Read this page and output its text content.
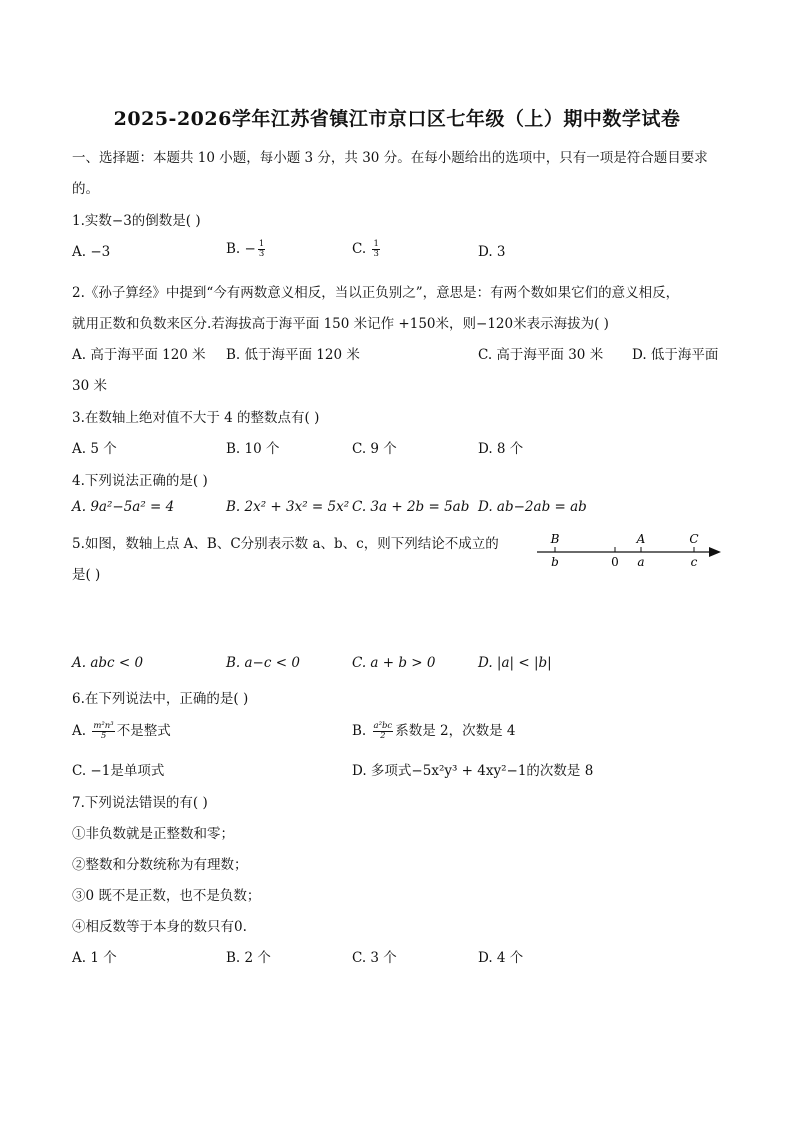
2025-2026学年江苏省镇江市京口区七年级（上）期中数学试卷
一、选择题：本题共 10 小题，每小题 3 分，共 30 分。在每小题给出的选项中，只有一项是符合题目要求
的。
1.实数−3的倒数是( )
A. −3	B. − $\frac{1}{3}$	C. $\frac{1}{3}$	D. 3
2.《孙子算经》中提到“今有两数意义相反，当以正负别之”，意思是：有两个数如果它们的意义相反，
就用正数和负数来区分.若海拔高于海平面 150 米记作 +150米，则−120米表示海拔为( )
A. 高于海平面 120 米 B. 低于海平面 120 米	C. 高于海平面 30 米 D. 低于海平面
30 米
3.在数轴上绝对值不大于 4 的整数点有( )
A. 5 个	B. 10 个	C. 9 个	D. 8 个
4.下列说法正确的是( )
A. 9a²−5a² = 4	B. 2x² + 3x² = 5x² C. 3a + 2b = 5ab D. ab−2ab = ab
5.如图，数轴上点 A、B、C分别表示数 a、b、c，则下列结论不成立的
是( )
B	A	C
b	0 a	c
A. abc < 0	B. a−c < 0	C. a + b > 0	D. |a| < |b|
6.在下列说法中，正确的是( )
A. $\frac{\text{m²n³}}{5}$ 不是整式	B. $\frac{\text{a²bc}}{2}$ 系数是 2，次数是 4
C. −1是单项式	D. 多项式−5x²y³ + 4xy²−1的次数是 8
7.下列说法错误的有( )
①非负数就是正整数和零；
②整数和分数统称为有理数；
③0 既不是正数，也不是负数；
④相反数等于本身的数只有0.
A. 1 个	B. 2 个	C. 3 个	D. 4 个
